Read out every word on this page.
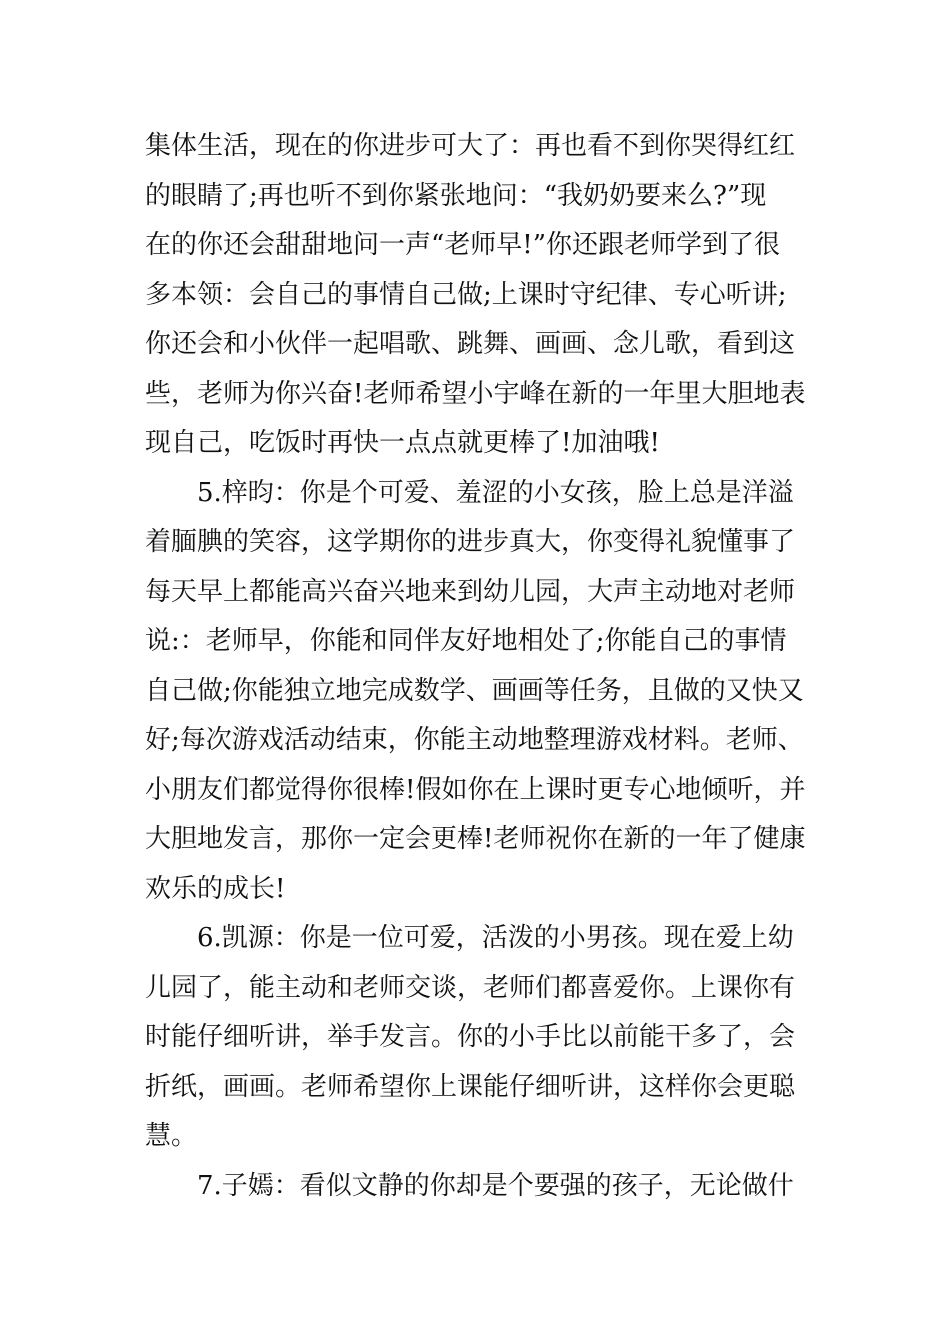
集体生活，现在的你进步可大了：再也看不到你哭得红红
的眼睛了;再也听不到你紧张地问：“我奶奶要来么?”现
在的你还会甜甜地问一声“老师早!”你还跟老师学到了很
多本领：会自己的事情自己做;上课时守纪律、专心听讲;
你还会和小伙伴一起唱歌、跳舞、画画、念儿歌，看到这
些，老师为你兴奋!老师希望小宇峰在新的一年里大胆地表
现自己，吃饭时再快一点点就更棒了!加油哦!
5.梓昀：你是个可爱、羞涩的小女孩，脸上总是洋溢
着腼腆的笑容，这学期你的进步真大，你变得礼貌懂事了
每天早上都能高兴奋兴地来到幼儿园，大声主动地对老师
说:：老师早，你能和同伴友好地相处了;你能自己的事情
自己做;你能独立地完成数学、画画等任务，且做的又快又
好;每次游戏活动结束，你能主动地整理游戏材料。老师、
小朋友们都觉得你很棒!假如你在上课时更专心地倾听，并
大胆地发言，那你一定会更棒!老师祝你在新的一年了健康
欢乐的成长!
6.凯源：你是一位可爱，活泼的小男孩。现在爱上幼
儿园了，能主动和老师交谈，老师们都喜爱你。上课你有
时能仔细听讲，举手发言。你的小手比以前能干多了，会
折纸，画画。老师希望你上课能仔细听讲，这样你会更聪
慧。
7.子嫣：看似文静的你却是个要强的孩子，无论做什
